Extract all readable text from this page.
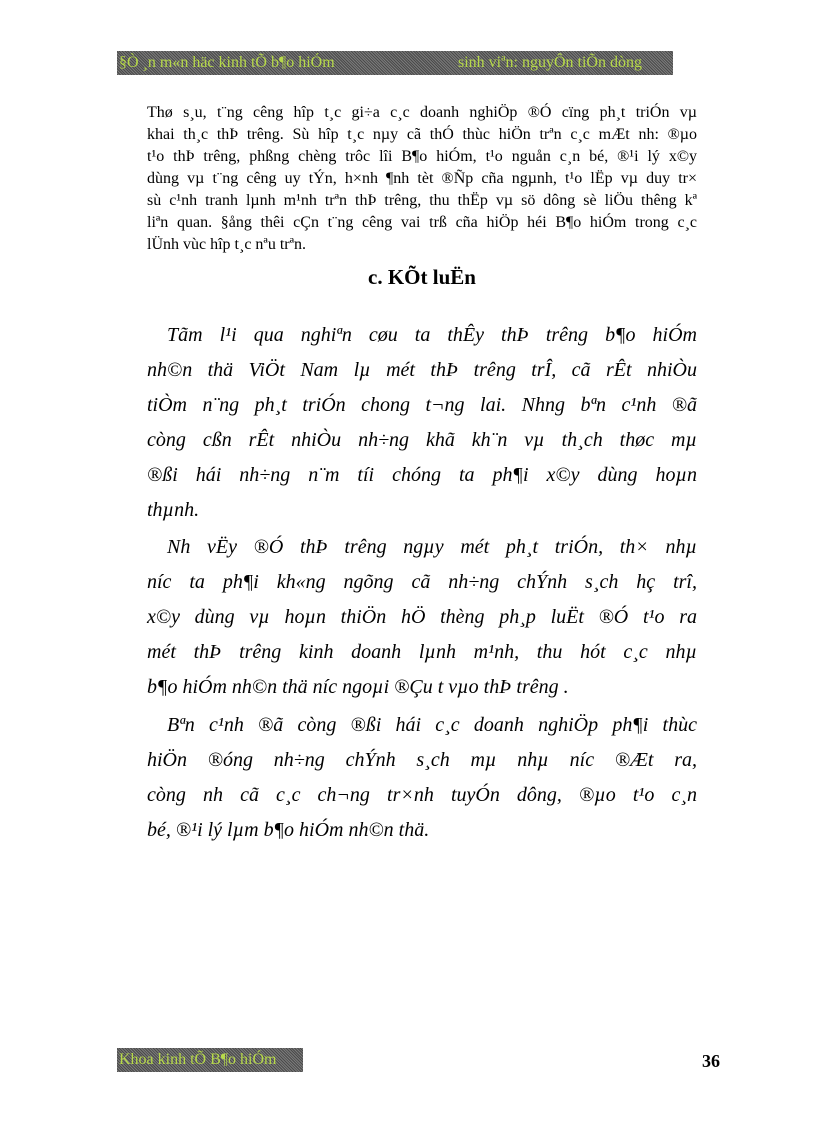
§Ò ¸n m«n häc kinh tÕ b¶o hiÓm	sinh viªn: nguyÔn tiÕn dòng
Thø s¸u, t¨ng cêng hîp t¸c gi÷a c¸c doanh nghiÖp ®Ó cïng ph¸t triÓn vµ
khai th¸c thÞ trêng. Sù hîp t¸c nµy cã thÓ thùc hiÖn trªn c¸c mÆt nh: ®µo
t¹o thÞ trêng, phßng chèng trôc lîi B¶o hiÓm, t¹o nguån c¸n bé, ®¹i lý x©y
dùng vµ t¨ng cêng uy tÝn, h×nh ¶nh tèt ®Ñp cña ngµnh, t¹o lËp vµ duy tr×
sù c¹nh tranh lµnh m¹nh trªn thÞ trêng, thu thËp vµ sö dông sè liÖu thêng kª
liªn quan. §ång thêi cÇn t¨ng cêng vai trß cña hiÖp héi B¶o hiÓm trong c¸c
lÜnh vùc hîp t¸c nªu trªn.
c. KÕt luËn
Tãm l¹i qua nghiªn cøu ta thÊy thÞ trêng b¶o hiÓm
nh©n thä ViÖt Nam lµ mét thÞ trêng trÎ, cã rÊt nhiÒu
tiÒm n¨ng ph¸t triÓn chong t¬ng lai. Nhng bªn c¹nh ®ã
còng cßn rÊt nhiÒu nh÷ng khã kh¨n vµ th¸ch thøc mµ
®ßi hái nh÷ng n¨m tíi chóng ta ph¶i x©y dùng hoµn
thµnh.
Nh vËy ®Ó thÞ trêng ngµy mét ph¸t triÓn, th× nhµ
níc ta ph¶i kh«ng ngõng cã nh÷ng chÝnh s¸ch hç trî,
x©y dùng vµ hoµn thiÖn hÖ thèng ph¸p luËt ®Ó t¹o ra
mét thÞ trêng kinh doanh lµnh m¹nh, thu hót c¸c nhµ
b¶o hiÓm nh©n thä níc ngoµi ®Çu t vµo thÞ trêng .
Bªn c¹nh ®ã còng ®ßi hái c¸c doanh nghiÖp ph¶i thùc
hiÖn ®óng nh÷ng chÝnh s¸ch mµ nhµ níc ®Æt ra,
còng nh cã c¸c ch¬ng tr×nh tuyÓn dông, ®µo t¹o c¸n
bé, ®¹i lý lµm b¶o hiÓm nh©n thä.
Khoa kinh tÕ B¶o hiÓm	36
